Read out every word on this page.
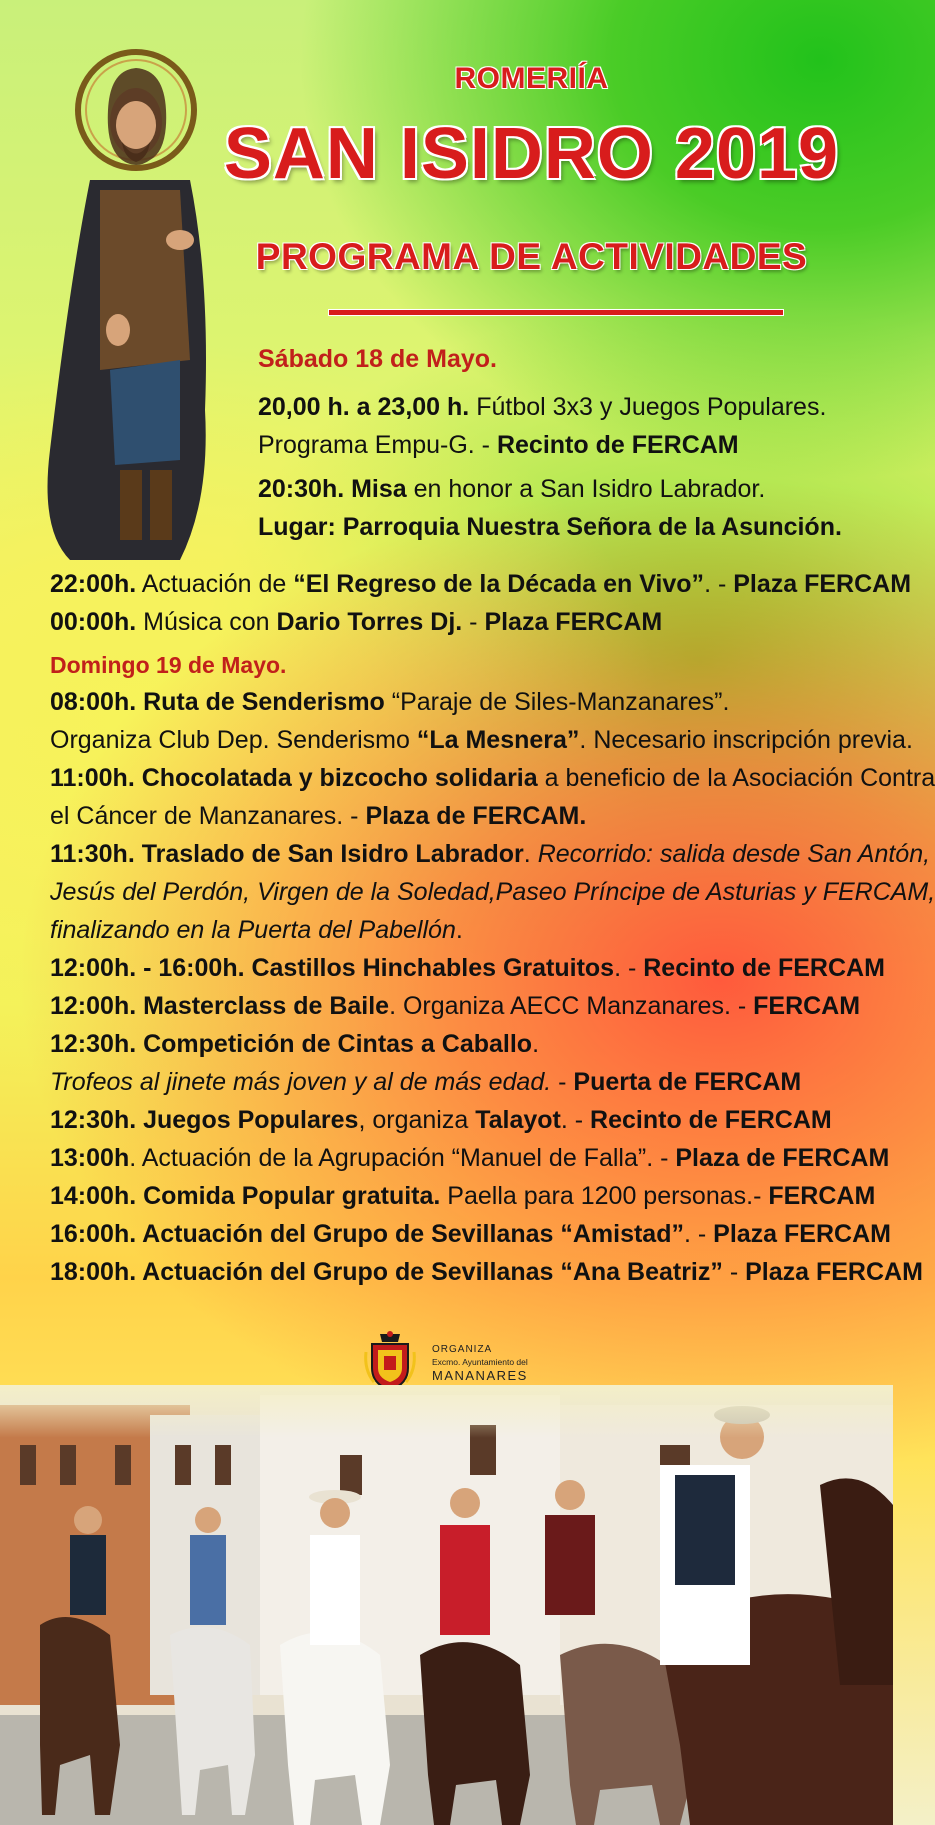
ROMERIÍA
SAN ISIDRO 2019
PROGRAMA DE ACTIVIDADES
Sábado 18 de Mayo.
20,00 h. a 23,00 h. Fútbol 3x3 y Juegos Populares.
Programa Empu-G. - Recinto de FERCAM
20:30h. Misa en honor a San Isidro Labrador.
Lugar: Parroquia Nuestra Señora de la Asunción.
22:00h. Actuación de “El Regreso de la Década en Vivo”. - Plaza FERCAM
00:00h. Música con Dario Torres Dj. - Plaza FERCAM
Domingo 19 de Mayo.
08:00h. Ruta de Senderismo “Paraje de Siles-Manzanares”.
Organiza Club Dep. Senderismo “La Mesnera”. Necesario inscripción previa.
11:00h. Chocolatada y bizcocho solidaria a beneficio de la Asociación Contra
el Cáncer de Manzanares. - Plaza de FERCAM.
11:30h. Traslado de San Isidro Labrador. Recorrido: salida desde San Antón,
Jesús del Perdón, Virgen de la Soledad,Paseo Príncipe de Asturias y FERCAM,
finalizando en la Puerta del Pabellón.
12:00h. - 16:00h. Castillos Hinchables Gratuitos. - Recinto de FERCAM
12:00h. Masterclass de Baile. Organiza AECC Manzanares. - FERCAM
12:30h. Competición de Cintas a Caballo.
Trofeos al jinete más joven y al de más edad. - Puerta de FERCAM
12:30h. Juegos Populares, organiza Talayot. - Recinto de FERCAM
13:00h. Actuación de la Agrupación “Manuel de Falla”. - Plaza de FERCAM
14:00h. Comida Popular gratuita. Paella para 1200 personas.- FERCAM
16:00h. Actuación del Grupo de Sevillanas “Amistad”. - Plaza FERCAM
18:00h. Actuación del Grupo de Sevillanas “Ana Beatriz” - Plaza FERCAM
ORGANIZA
Excmo. Ayuntamiento del
MANANARES
